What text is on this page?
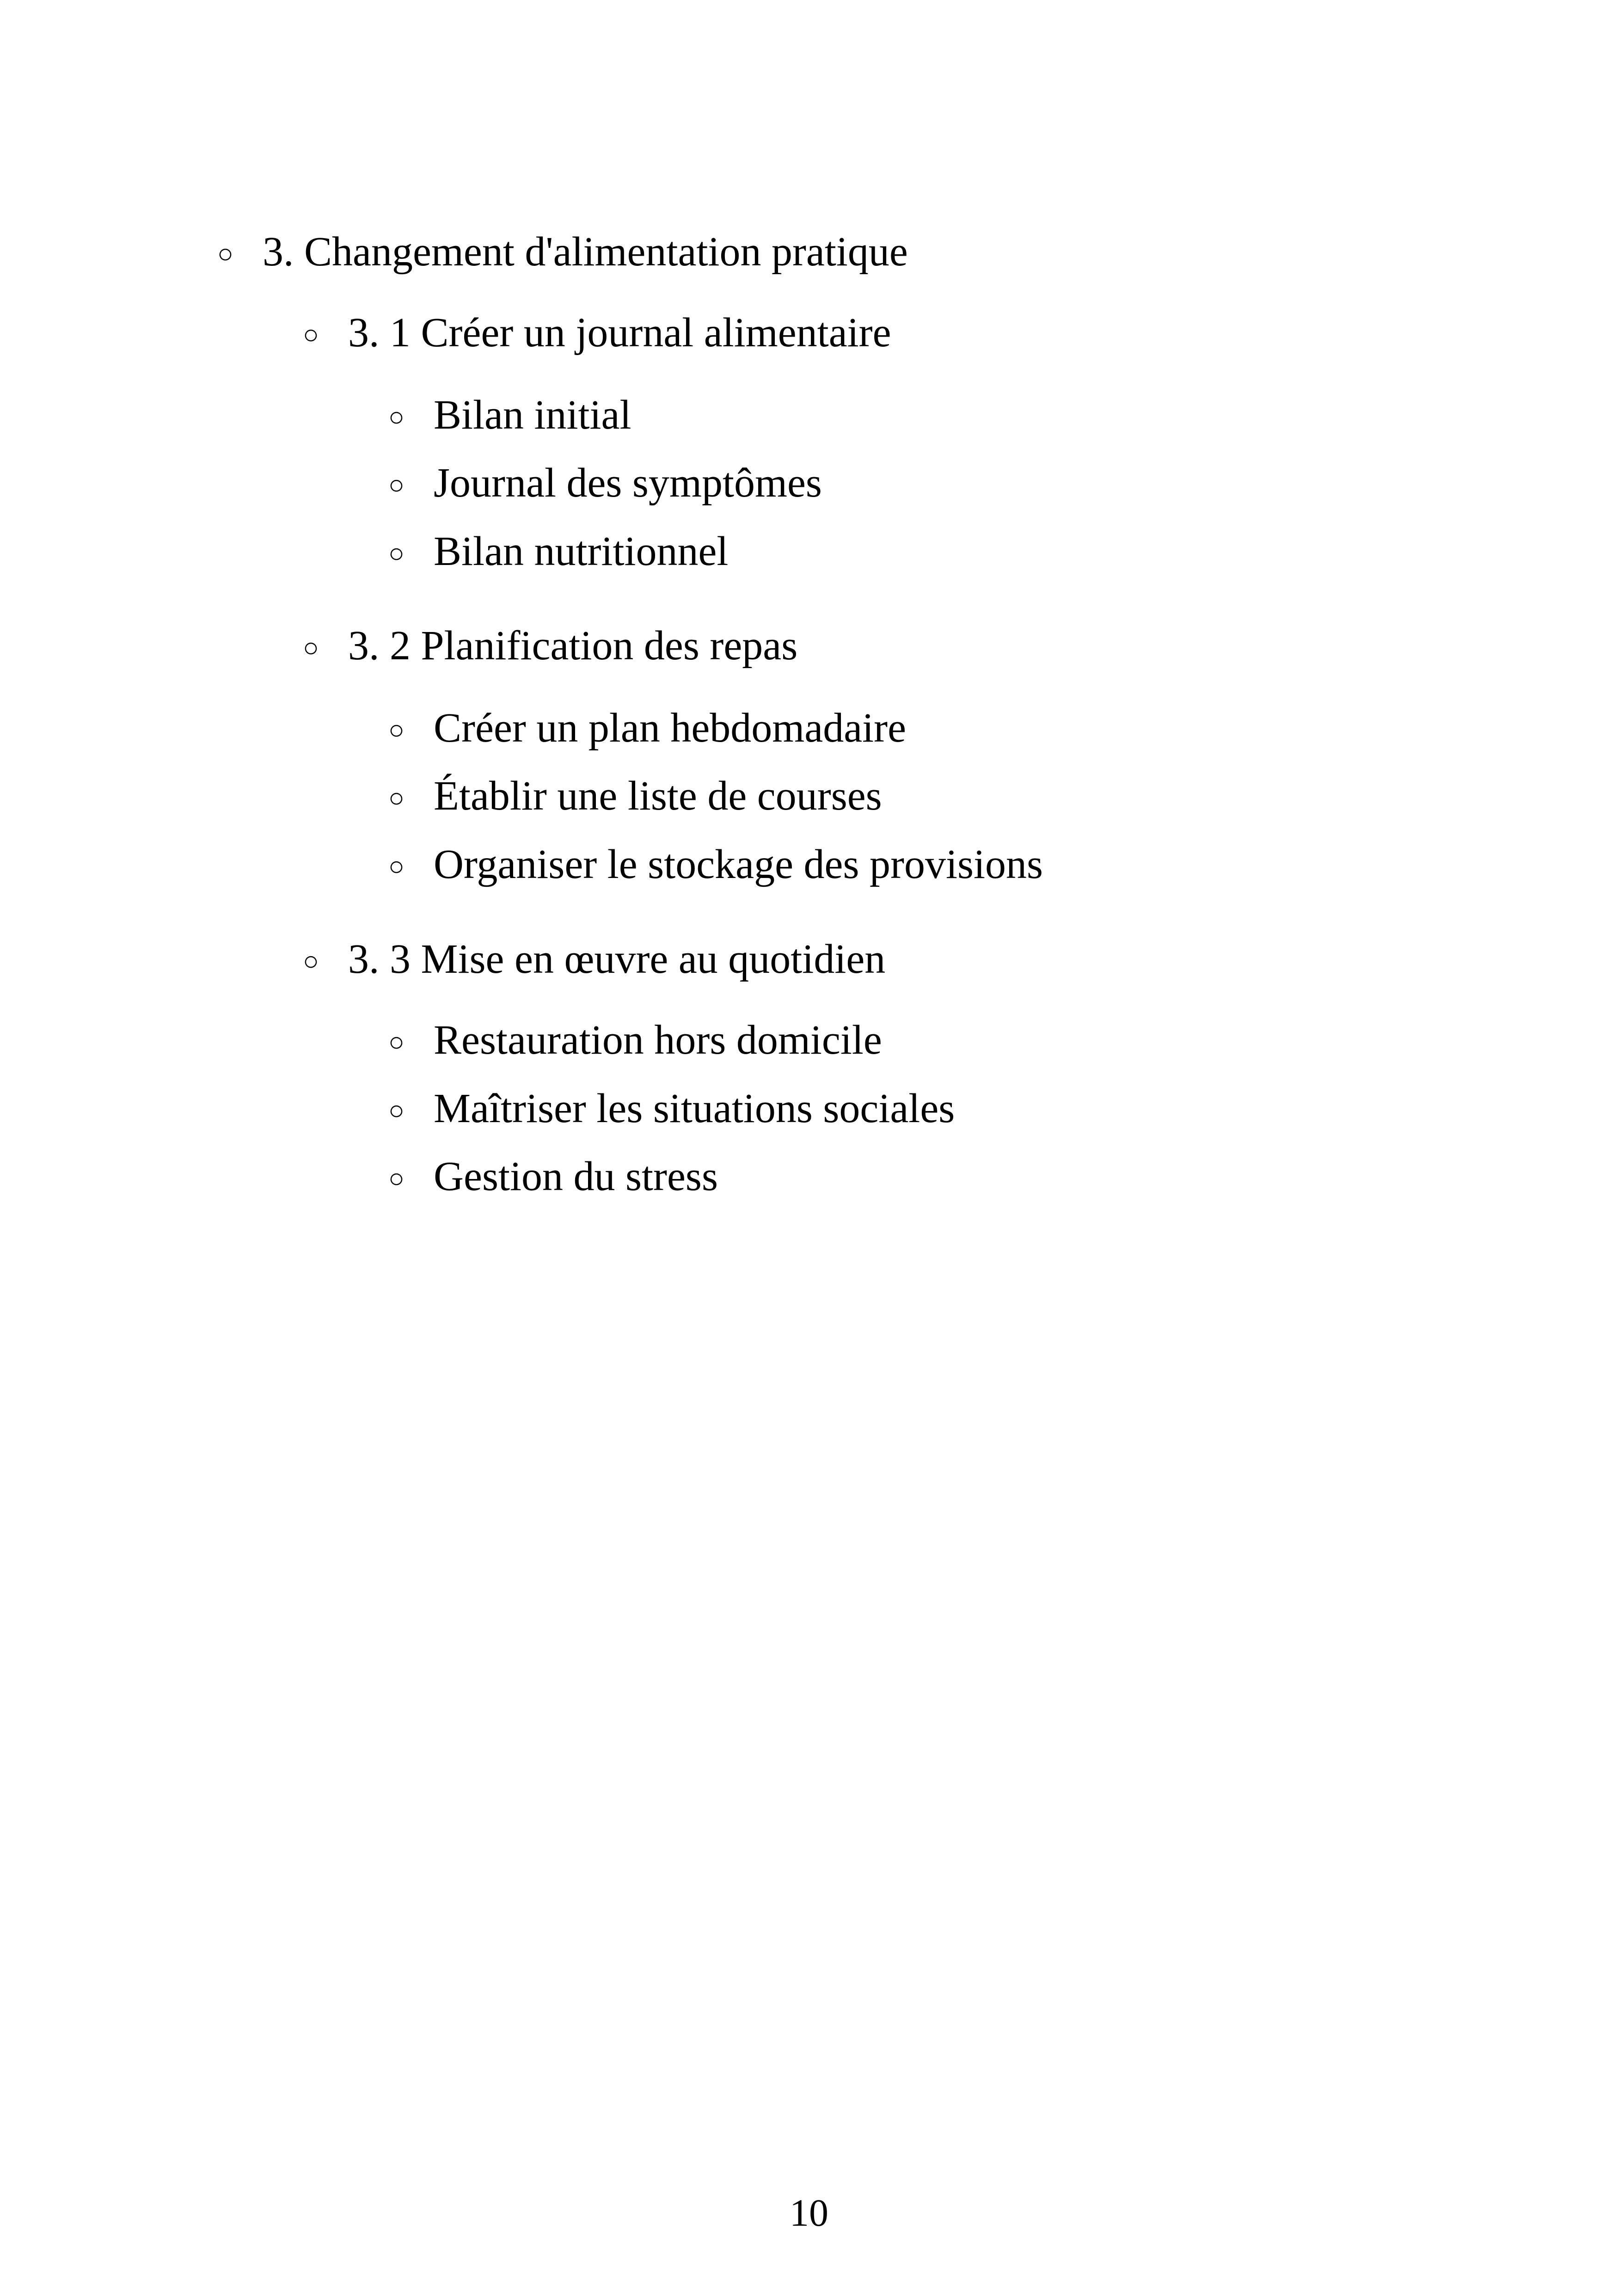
○ 3. Changement d'alimentation pratique
○ 3. 1 Créer un journal alimentaire
○ Bilan initial
○ Journal des symptômes
○ Bilan nutritionnel
○ 3. 2 Planification des repas
○ Créer un plan hebdomadaire
○ Établir une liste de courses
○ Organiser le stockage des provisions
○ 3. 3 Mise en œuvre au quotidien
○ Restauration hors domicile
○ Maîtriser les situations sociales
○ Gestion du stress
10
